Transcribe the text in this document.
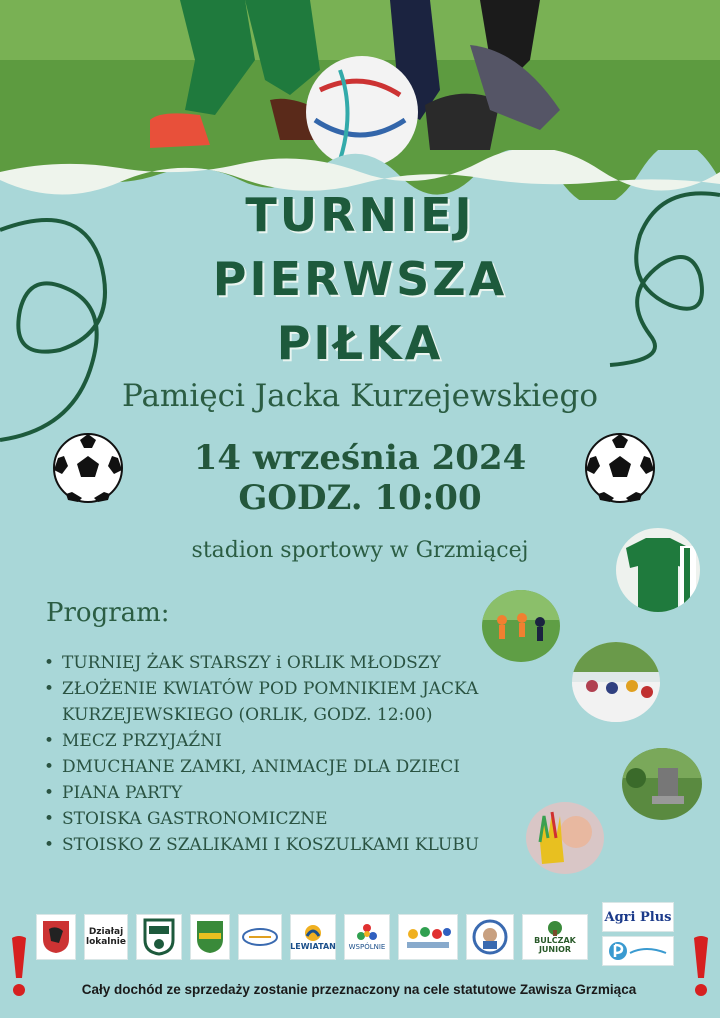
TURNIEJ
PIERWSZA
PIŁKA
Pamięci Jacka Kurzejewskiego
14 września 2024
GODZ. 10:00
stadion sportowy w Grzmiącej
Program:
• TURNIEJ ŻAK STARSZY i ORLIK MŁODSZY
• ZŁOŻENIE KWIATÓW POD POMNIKIEM JACKA
KURZEJEWSKIEGO (ORLIK, GODZ. 12:00)
• MECZ PRZYJAŹNI
• DMUCHANE ZAMKI, ANIMACJE DLA DZIECI
• PIANA PARTY
• STOISKA GASTRONOMICZNE
• STOISKO Z SZALIKAMI I KOSZULKAMI KLUBU
Działaj lokalnie	LEWIATAN WSPÓLNIE
BULCZAK JUNIOR
Agri Plus
Cały dochód ze sprzedaży zostanie przeznaczony na cele statutowe Zawisza Grzmiąca
